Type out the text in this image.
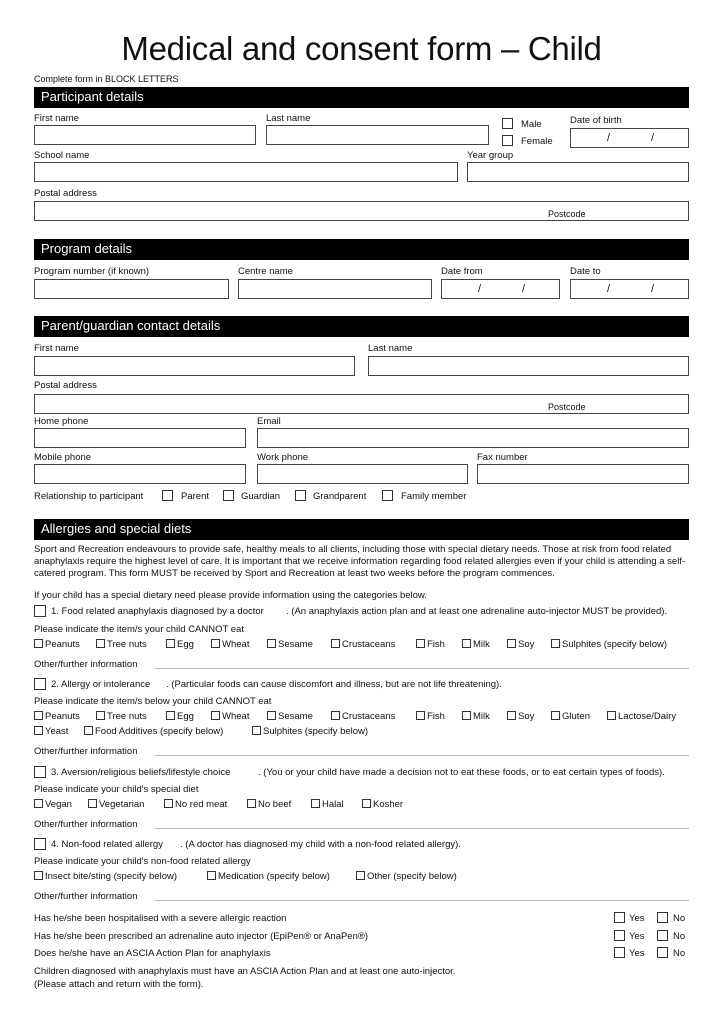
Medical and consent form – Child
Complete form in BLOCK LETTERS
Participant details
First name	Last name
Male
Female
Date of birth
/	/
School name	Year group
Postal address
Postcode
Program details
Program number (if known)	Centre name	Date from
/	/
Date to
/	/
Parent/guardian contact details
First name	Last name
Postal address
Postcode
Home phone	Email
Mobile phone	Work phone	Fax number
Relationship to participant	Parent	Guardian	Grandparent	Family member
Allergies and special diets
Sport and Recreation endeavours to provide safe, healthy meals to all clients, including those with special dietary needs. Those at risk from food related anaphylaxis require the highest level of care. It is important that we receive information regarding food related allergies even if your child is attending a self-catered program. This form MUST be received by Sport and Recreation at least two weeks before the program commences.
If your child has a special dietary need please provide information using the categories below.
1. Food related anaphylaxis diagnosed by a doctor . (An anaphylaxis action plan and at least one adrenaline auto-injector MUST be provided).
Please indicate the item/s your child CANNOT eat
Peanuts	Tree nuts	Egg	Wheat	Sesame	Crustaceans	Fish	Milk	Soy	Sulphites (specify below)
Other/further information
2. Allergy or intolerance . (Particular foods can cause discomfort and illness, but are not life threatening).
Please indicate the item/s below your child CANNOT eat
Peanuts	Tree nuts	Egg	Wheat	Sesame	Crustaceans	Fish	Milk	Soy	Gluten	Lactose/Dairy
Yeast	Food Additives (specify below)	Sulphites (specify below)
Other/further information
3. Aversion/religious beliefs/lifestyle choice	. (You or your child have made a decision not to eat these foods, or to eat certain types of foods).
Please indicate your child's special diet
Vegan	Vegetarian	No red meat	No beef	Halal	Kosher
Other/further information
4. Non-food related allergy . (A doctor has diagnosed my child with a non-food related allergy).
Please indicate your child's non-food related allergy
Insect bite/sting (specify below)	Medication (specify below)	Other (specify below)
Other/further information
Has he/she been hospitalised with a severe allergic reaction	Yes	No
Has he/she been prescribed an adrenaline auto injector (EpiPen® or AnaPen®)	Yes	No
Does he/she have an ASCIA Action Plan for anaphylaxis	Yes	No
Children diagnosed with anaphylaxis must have an ASCIA Action Plan and at least one auto-injector.
(Please attach and return with the form).
